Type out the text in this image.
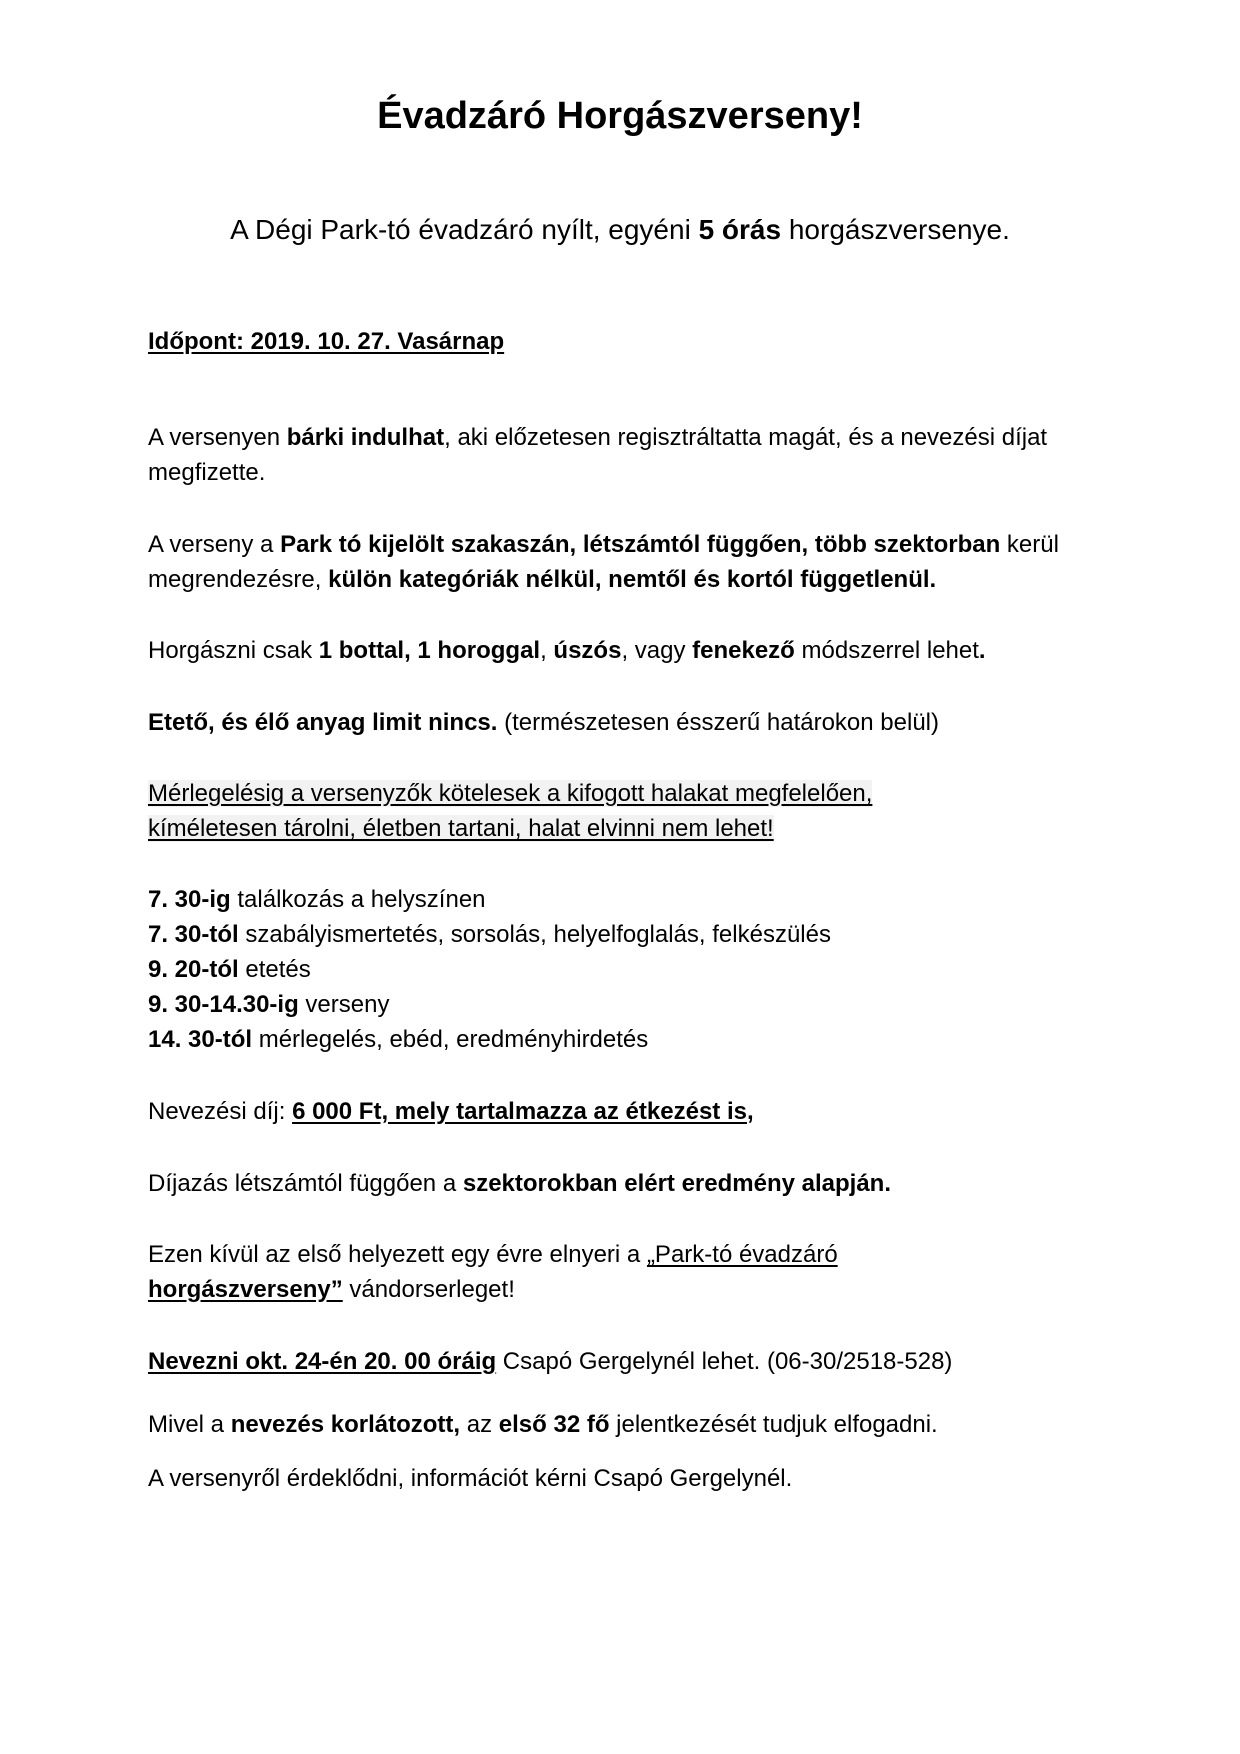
Évadzáró Horgászverseny!

A Dégi Park-tó évadzáró nyílt, egyéni 5 órás horgászversenye.

Időpont: 2019. 10. 27. Vasárnap

A versenyen bárki indulhat, aki előzetesen regisztráltatta magát, és a nevezési díjat megfizette.

A verseny a Park tó kijelölt szakaszán, létszámtól függően, több szektorban kerül megrendezésre, külön kategóriák nélkül, nemtől és kortól függetlenül.

Horgászni csak 1 bottal, 1 horoggal, úszós, vagy fenekező módszerrel lehet.

Etető, és élő anyag limit nincs. (természetesen ésszerű határokon belül)

Mérlegelésig a versenyzők kötelesek a kifogott halakat megfelelően,
kíméletesen tárolni, életben tartani, halat elvinni nem lehet!

7. 30-ig találkozás a helyszínen
7. 30-tól szabályismertetés, sorsolás, helyelfoglalás, felkészülés
9. 20-tól etetés
9. 30-14.30-ig verseny
14. 30-tól mérlegelés, ebéd, eredményhirdetés

Nevezési díj: 6 000 Ft, mely tartalmazza az étkezést is,

Díjazás létszámtól függően a szektorokban elért eredmény alapján.

Ezen kívül az első helyezett egy évre elnyeri a „Park-tó évadzáró
horgászverseny” vándorserleget!

Nevezni okt. 24-én 20. 00 óráig Csapó Gergelynél lehet. (06-30/2518-528)

Mivel a nevezés korlátozott, az első 32 fő jelentkezését tudjuk elfogadni.

A versenyről érdeklődni, információt kérni Csapó Gergelynél.
